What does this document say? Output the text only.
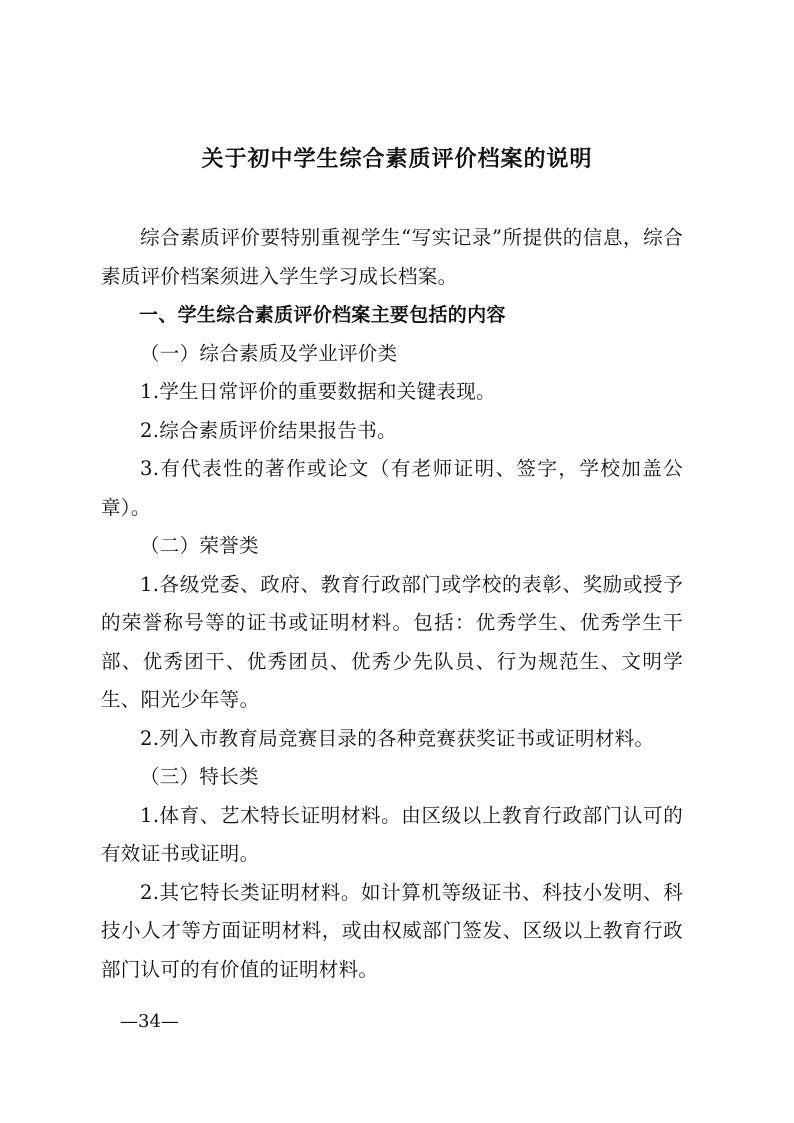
关于初中学生综合素质评价档案的说明

综合素质评价要特别重视学生“写实记录”所提供的信息，综合素质评价档案须进入学生学习成长档案。

一、学生综合素质评价档案主要包括的内容

（一）综合素质及学业评价类

1.学生日常评价的重要数据和关键表现。

2.综合素质评价结果报告书。

3.有代表性的著作或论文（有老师证明、签字，学校加盖公章）。

（二）荣誉类

1.各级党委、政府、教育行政部门或学校的表彰、奖励或授予的荣誉称号等的证书或证明材料。包括：优秀学生、优秀学生干部、优秀团干、优秀团员、优秀少先队员、行为规范生、文明学生、阳光少年等。

2.列入市教育局竞赛目录的各种竞赛获奖证书或证明材料。

（三）特长类

1.体育、艺术特长证明材料。由区级以上教育行政部门认可的有效证书或证明。

2.其它特长类证明材料。如计算机等级证书、科技小发明、科技小人才等方面证明材料，或由权威部门签发、区级以上教育行政部门认可的有价值的证明材料。

—34—
